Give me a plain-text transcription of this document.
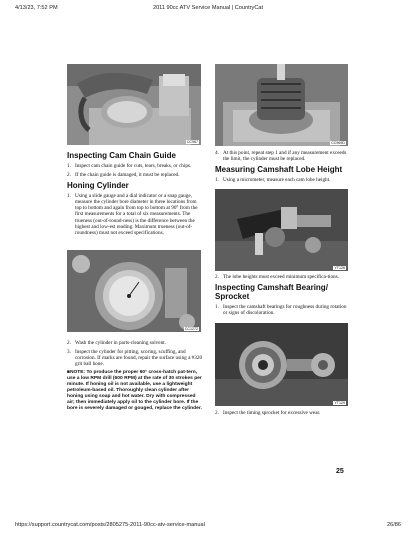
4/13/23, 7:52 PM	2011 90cc ATV Service Manual | CountryCat
CC967
Inspecting Cam Chain Guide
1. Inspect cam chain guide for cuts, tears, breaks, or chips.
2. If the chain guide is damaged, it must be replaced.
Honing Cylinder
1. Using a slide gauge and a dial indicator or a snap gauge, measure the cylinder bore diameter in three locations from top to bottom and again from top to bottom at 90° from the first measurements for a total of six measurements. The trueness (out-of-round-ness) is the difference between the highest and low-est reading. Maximum trueness (out-of-roundness) must not exceed specifications.
CC1272
2. Wash the cylinder in parts-cleaning solvent.
3. Inspect the cylinder for pitting, scoring, scuffing, and corrosion. If marks are found, repair the surface using a #320 grit ball hone.
■NOTE: To produce the proper 60° cross-hatch pat-tern, use a low RPM drill (600 RPM) at the rate of 30 strokes per minute. If honing oil is not available, use a lightweight petroleum-based oil. Thoroughly clean cylinder after honing using soap and hot water. Dry with compressed air; then immediately apply oil to the cylinder bore. If the bore is severely damaged or gouged, replace the cylinder.
CC969D
4. At this point, repeat step 1 and if any measurement exceeds the limit, the cylinder must be replaced.
Measuring Camshaft Lobe Height
1. Using a micrometer, measure each cam lobe height.
YT126
2. The lobe heights must exceed minimum specifica-tions.
Inspecting Camshaft Bearing/ Sprocket
1. Inspect the camshaft bearings for roughness during rotation or signs of discoloration.
YT129
2. Inspect the timing sprocket for excessive wear.
25
https://support.countrycat.com/posts/2805275-2011-90cc-atv-service-manual	26/86
